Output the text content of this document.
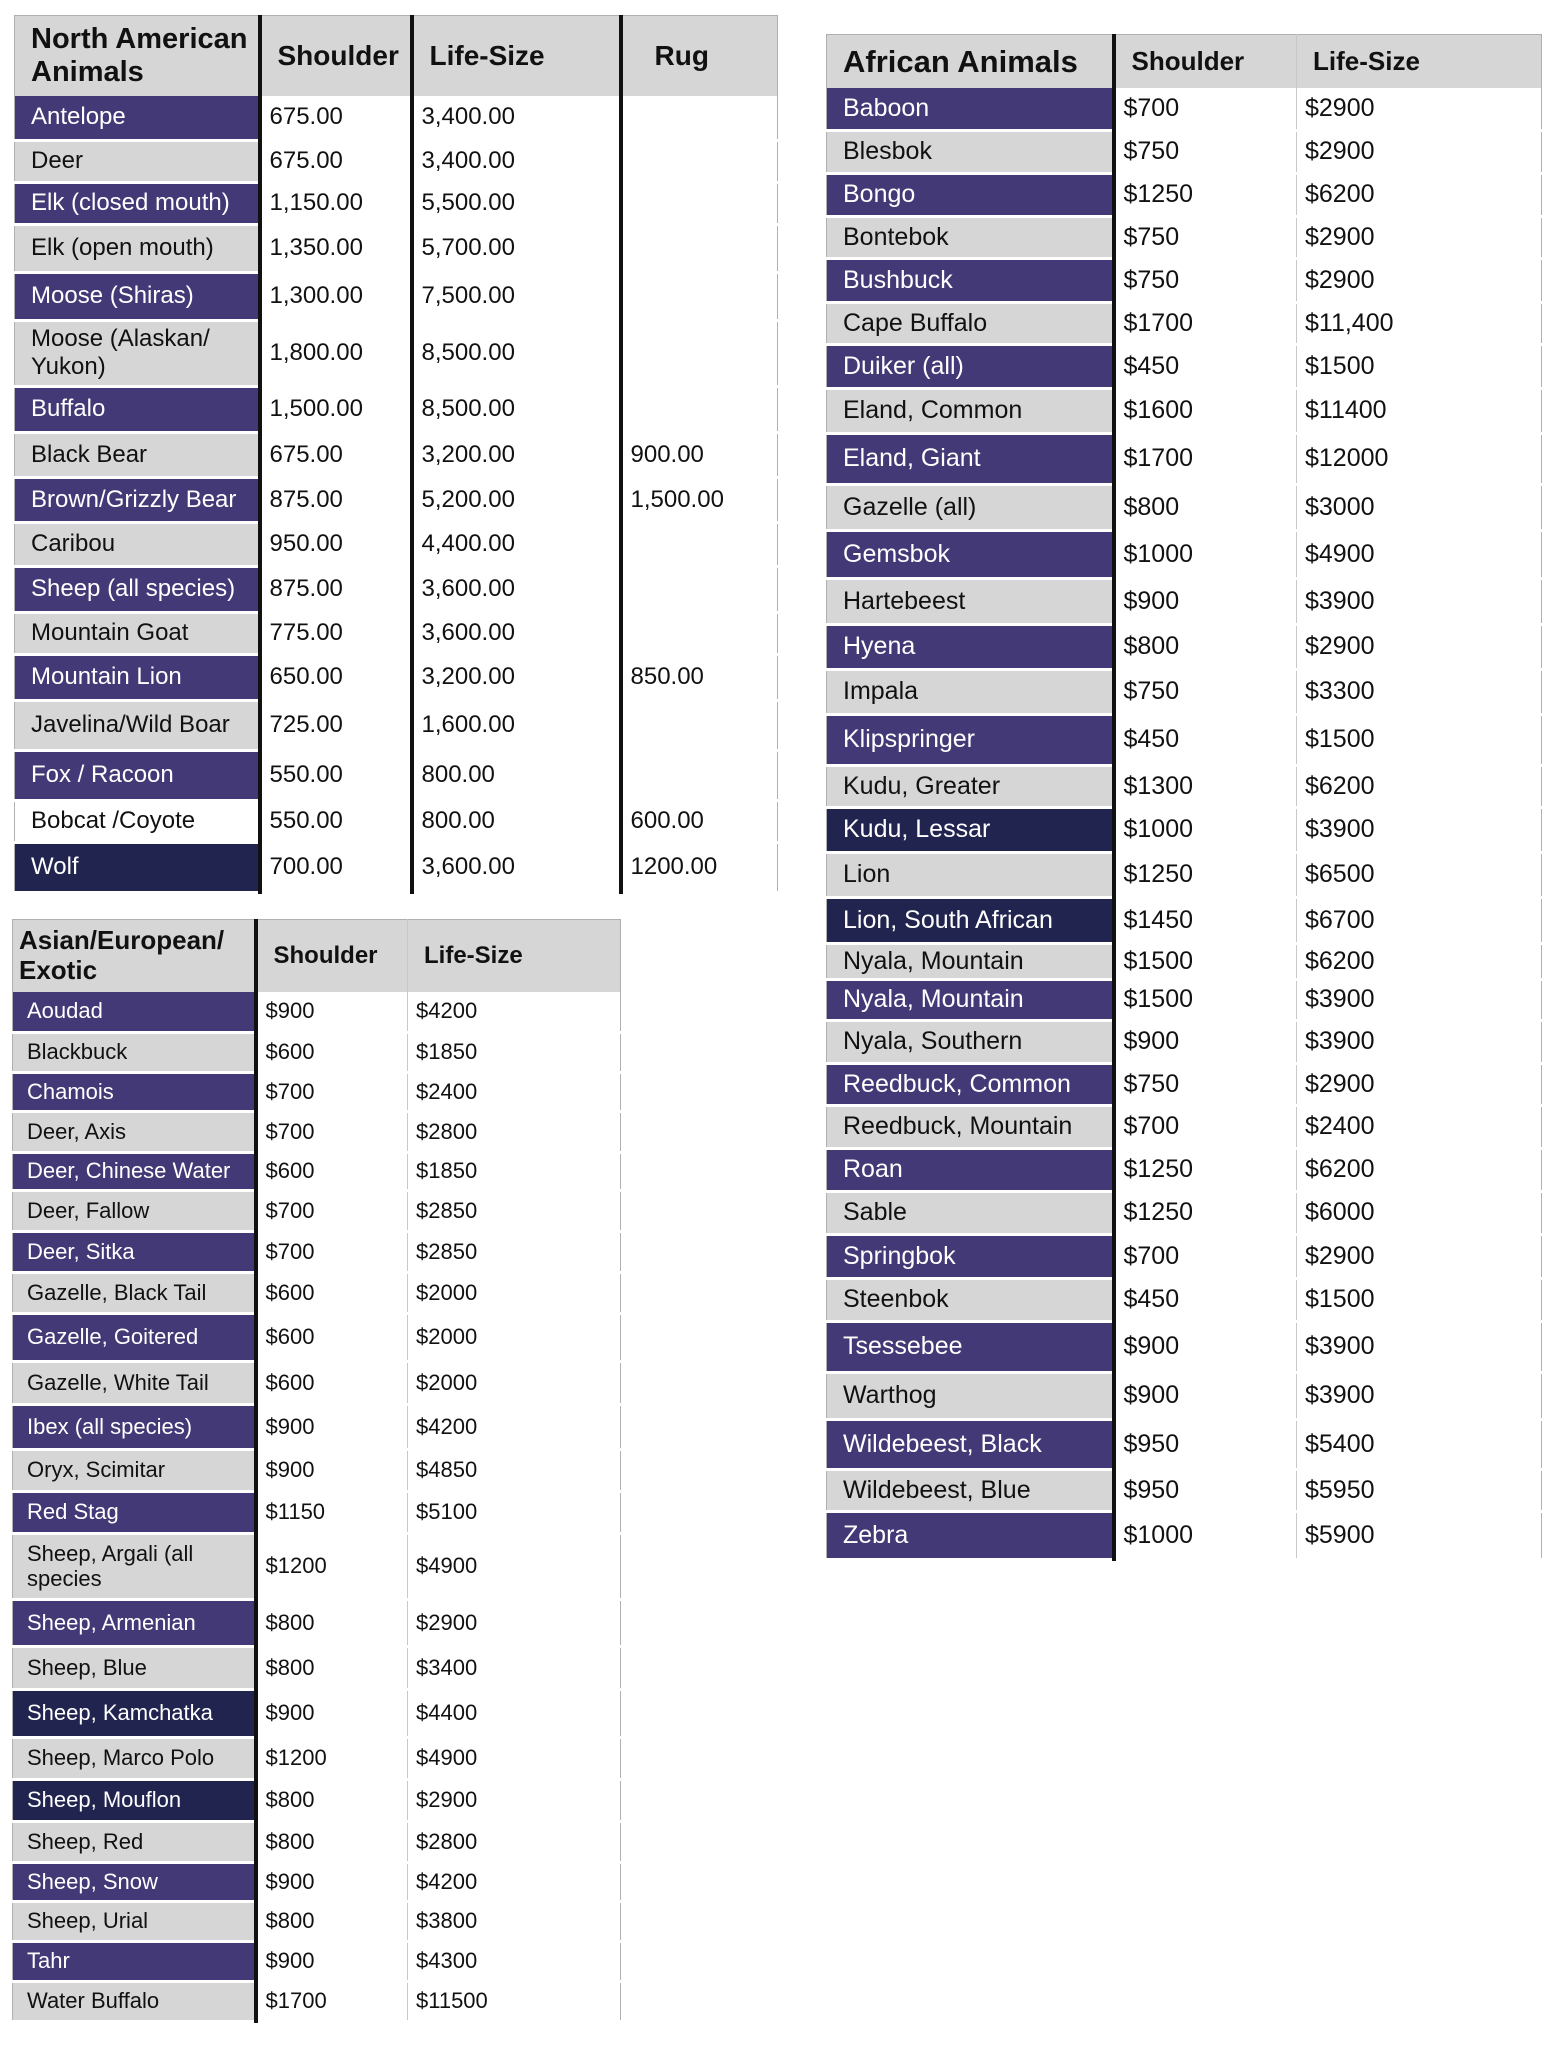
North American Animals	Shoulder	Life-Size	Rug
Antelope	675.00	3,400.00	
Deer	675.00	3,400.00	
Elk (closed mouth)	1,150.00	5,500.00	
Elk (open mouth)	1,350.00	5,700.00	
Moose (Shiras)	1,300.00	7,500.00	
Moose (Alaskan/ Yukon)	1,800.00	8,500.00	
Buffalo	1,500.00	8,500.00	
Black Bear	675.00	3,200.00	900.00
Brown/Grizzly Bear	875.00	5,200.00	1,500.00
Caribou	950.00	4,400.00	
Sheep (all species)	875.00	3,600.00	
Mountain Goat	775.00	3,600.00	
Mountain Lion	650.00	3,200.00	850.00
Javelina/Wild Boar	725.00	1,600.00	
Fox / Racoon	550.00	800.00	
Bobcat /Coyote	550.00	800.00	600.00
Wolf	700.00	3,600.00	1200.00
Asian/European/ Exotic	Shoulder	Life-Size
Aoudad	$900	$4200
Blackbuck	$600	$1850
Chamois	$700	$2400
Deer, Axis	$700	$2800
Deer, Chinese Water	$600	$1850
Deer, Fallow	$700	$2850
Deer, Sitka	$700	$2850
Gazelle, Black Tail	$600	$2000
Gazelle, Goitered	$600	$2000
Gazelle, White Tail	$600	$2000
Ibex (all species)	$900	$4200
Oryx, Scimitar	$900	$4850
Red Stag	$1150	$5100
Sheep, Argali (all species	$1200	$4900
Sheep, Armenian	$800	$2900
Sheep, Blue	$800	$3400
Sheep, Kamchatka	$900	$4400
Sheep, Marco Polo	$1200	$4900
Sheep, Mouflon	$800	$2900
Sheep, Red	$800	$2800
Sheep, Snow	$900	$4200
Sheep, Urial	$800	$3800
Tahr	$900	$4300
Water Buffalo	$1700	$11500
African Animals	Shoulder	Life-Size
Baboon	$700	$2900
Blesbok	$750	$2900
Bongo	$1250	$6200
Bontebok	$750	$2900
Bushbuck	$750	$2900
Cape Buffalo	$1700	$11,400
Duiker (all)	$450	$1500
Eland, Common	$1600	$11400
Eland, Giant	$1700	$12000
Gazelle (all)	$800	$3000
Gemsbok	$1000	$4900
Hartebeest	$900	$3900
Hyena	$800	$2900
Impala	$750	$3300
Klipspringer	$450	$1500
Kudu, Greater	$1300	$6200
Kudu, Lessar	$1000	$3900
Lion	$1250	$6500
Lion, South African	$1450	$6700
Nyala, Mountain	$1500	$6200
Nyala, Mountain	$1500	$3900
Nyala, Southern	$900	$3900
Reedbuck, Common	$750	$2900
Reedbuck, Mountain	$700	$2400
Roan	$1250	$6200
Sable	$1250	$6000
Springbok	$700	$2900
Steenbok	$450	$1500
Tsessebee	$900	$3900
Warthog	$900	$3900
Wildebeest, Black	$950	$5400
Wildebeest, Blue	$950	$5950
Zebra	$1000	$5900
